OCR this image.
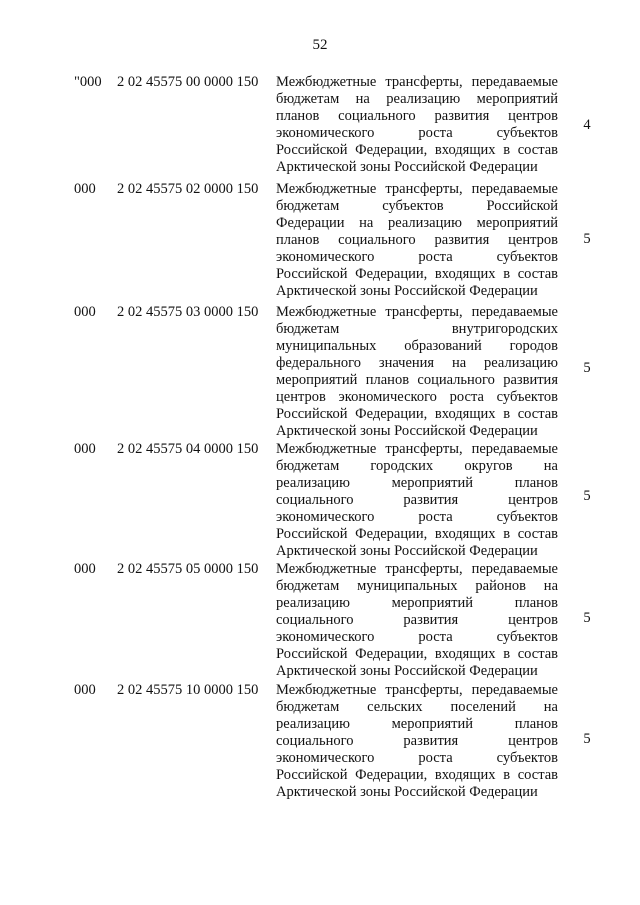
52
"000 2 02 45575 00 0000 150 Межбюджетные трансферты, передаваемые
бюджетам на реализацию мероприятий
планов социального развития центров
экономического роста субъектов
Российской Федерации, входящих в состав
Арктической зоны Российской Федерации
4
000 2 02 45575 02 0000 150 Межбюджетные трансферты, передаваемые
бюджетам субъектов Российской
Федерации на реализацию мероприятий
планов социального развития центров
экономического роста субъектов
Российской Федерации, входящих в состав
Арктической зоны Российской Федерации
5
000 2 02 45575 03 0000 150 Межбюджетные трансферты, передаваемые
бюджетам внутригородских
муниципальных образований городов
федерального значения на реализацию
мероприятий планов социального развития
центров экономического роста субъектов
Российской Федерации, входящих в состав
Арктической зоны Российской Федерации
5
000 2 02 45575 04 0000 150 Межбюджетные трансферты, передаваемые
бюджетам городских округов на
реализацию мероприятий планов
социального развития центров
экономического роста субъектов
Российской Федерации, входящих в состав
Арктической зоны Российской Федерации
5
000 2 02 45575 05 0000 150 Межбюджетные трансферты, передаваемые
бюджетам муниципальных районов на
реализацию мероприятий планов
социального развития центров
экономического роста субъектов
Российской Федерации, входящих в состав
Арктической зоны Российской Федерации
5
000 2 02 45575 10 0000 150 Межбюджетные трансферты, передаваемые
бюджетам сельских поселений на
реализацию мероприятий планов
социального развития центров
экономического роста субъектов
Российской Федерации, входящих в состав
Арктической зоны Российской Федерации
5
